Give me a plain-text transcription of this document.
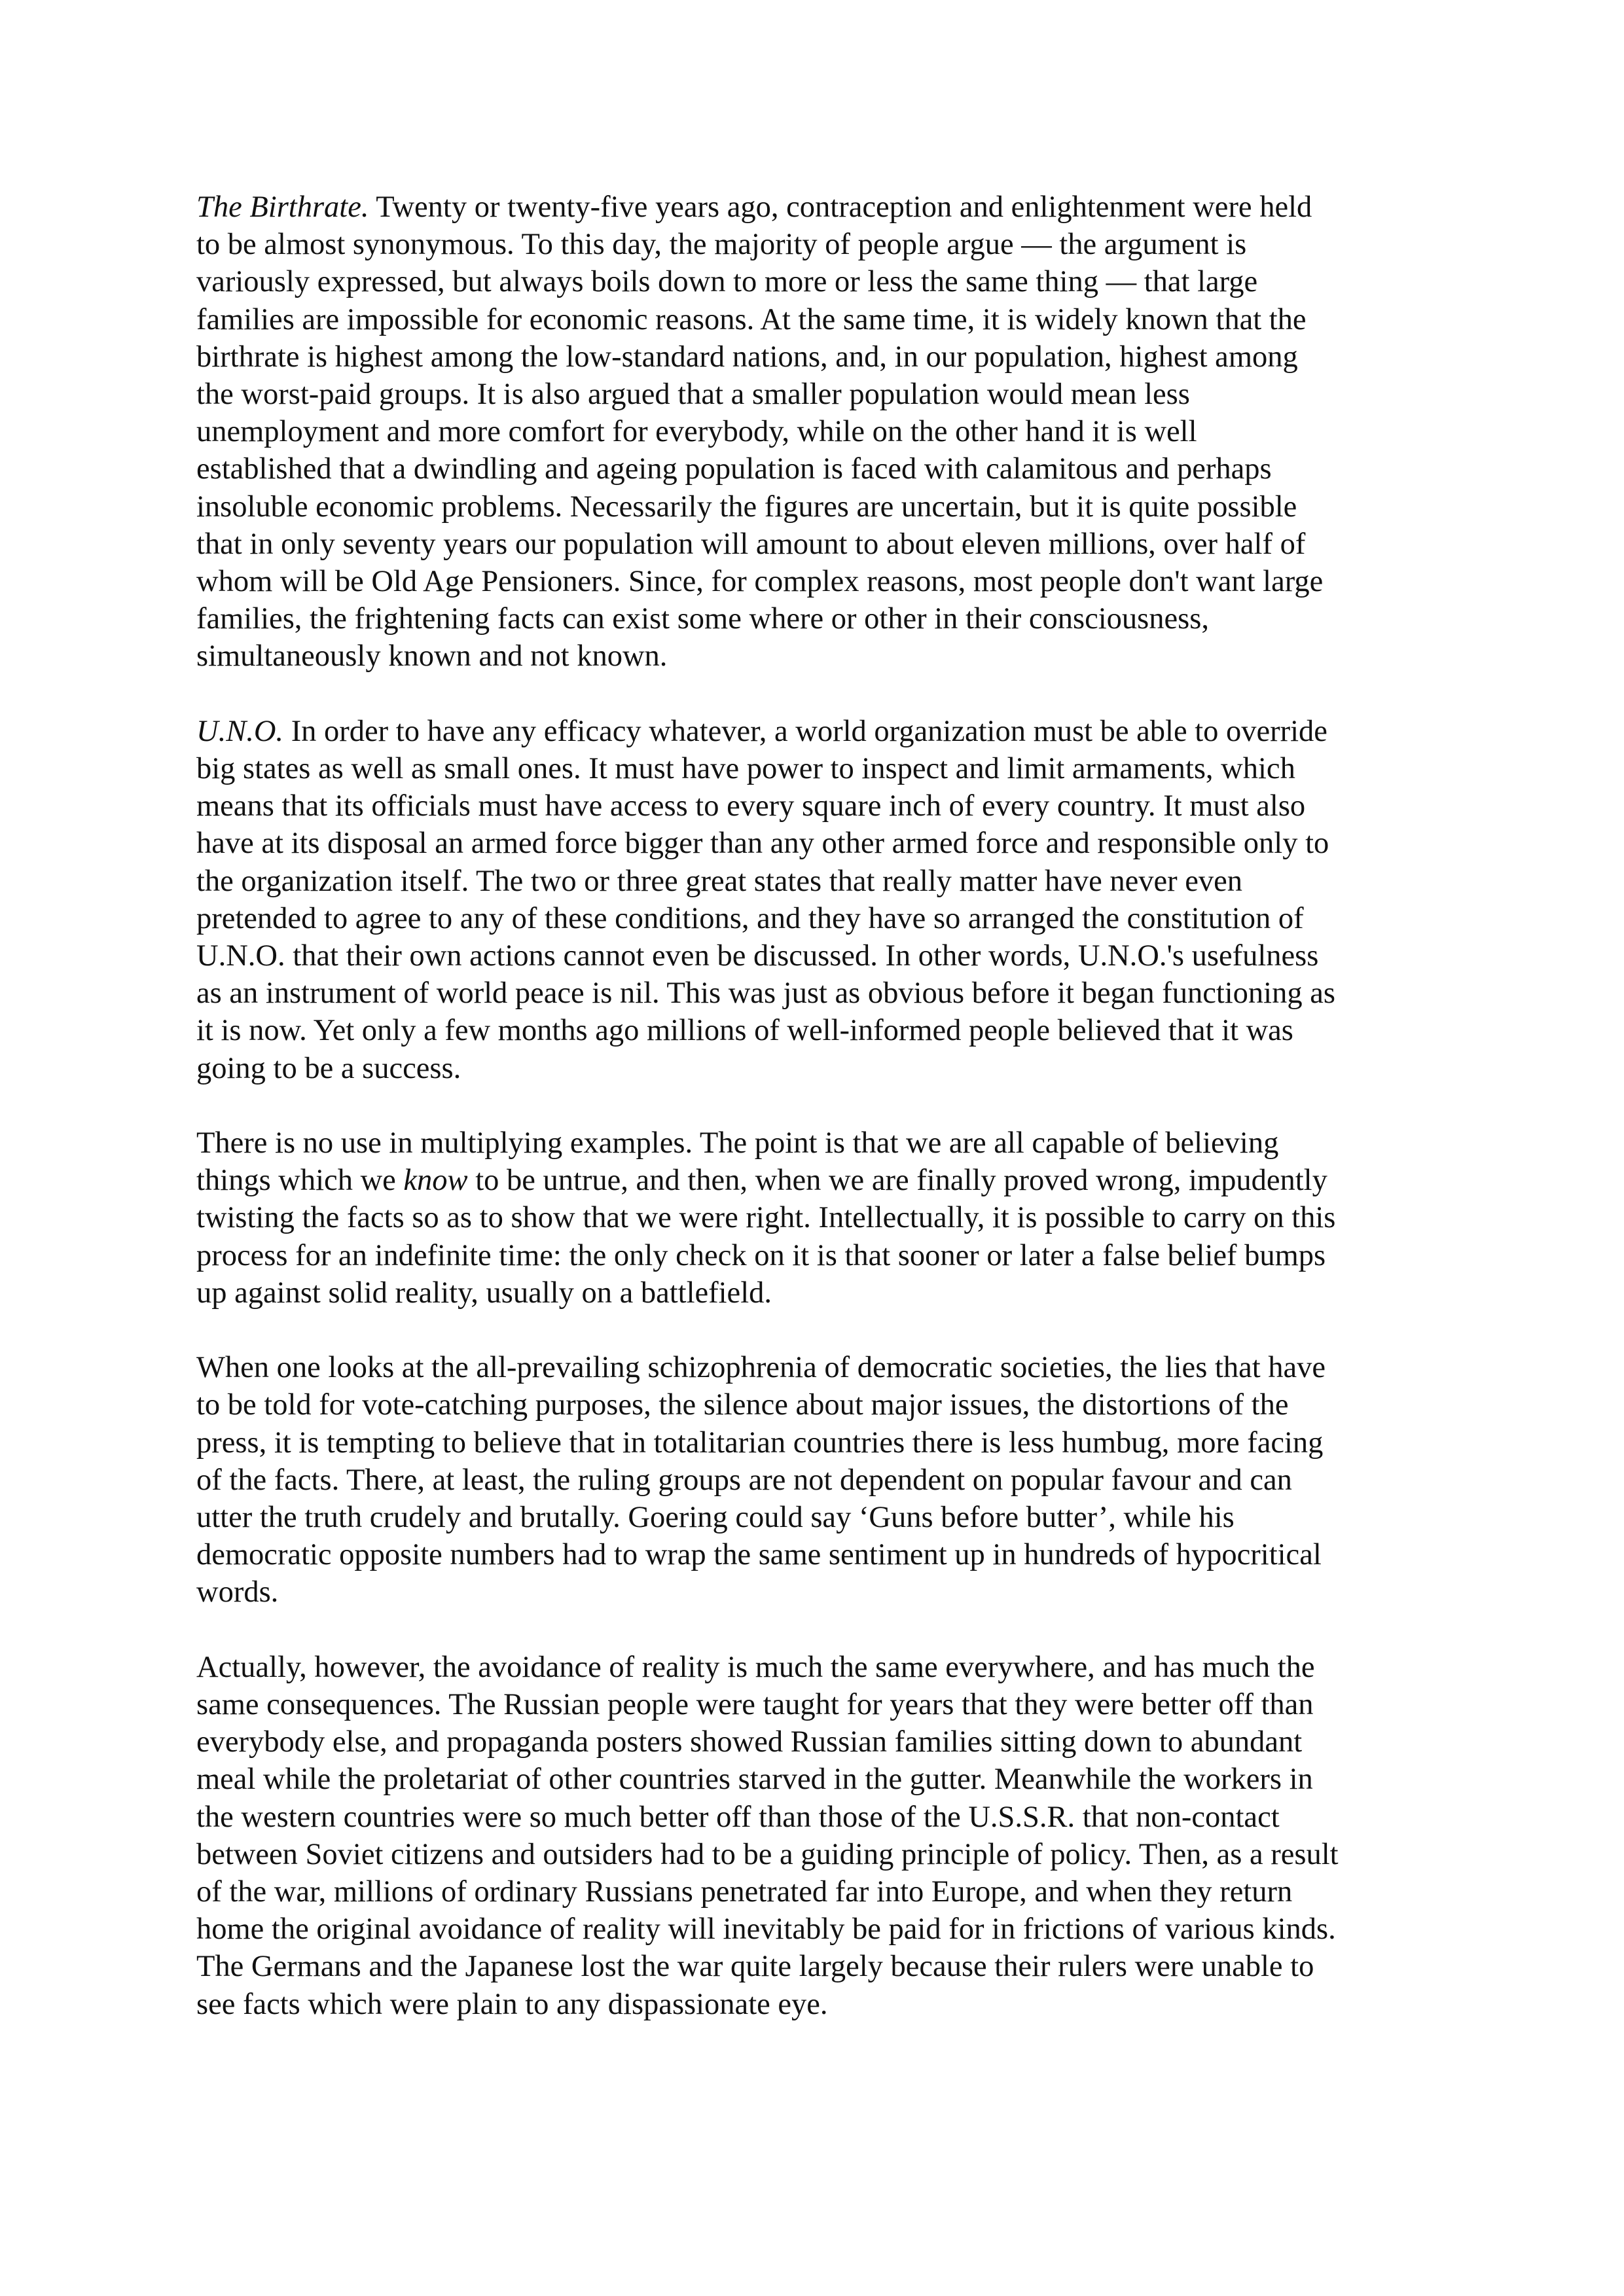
The Birthrate. Twenty or twenty-five years ago, contraception and enlightenment were held
to be almost synonymous. To this day, the majority of people argue — the argument is
variously expressed, but always boils down to more or less the same thing — that large
families are impossible for economic reasons. At the same time, it is widely known that the
birthrate is highest among the low-standard nations, and, in our population, highest among
the worst-paid groups. It is also argued that a smaller population would mean less
unemployment and more comfort for everybody, while on the other hand it is well
established that a dwindling and ageing population is faced with calamitous and perhaps
insoluble economic problems. Necessarily the figures are uncertain, but it is quite possible
that in only seventy years our population will amount to about eleven millions, over half of
whom will be Old Age Pensioners. Since, for complex reasons, most people don't want large
families, the frightening facts can exist some where or other in their consciousness,
simultaneously known and not known.

U.N.O. In order to have any efficacy whatever, a world organization must be able to override
big states as well as small ones. It must have power to inspect and limit armaments, which
means that its officials must have access to every square inch of every country. It must also
have at its disposal an armed force bigger than any other armed force and responsible only to
the organization itself. The two or three great states that really matter have never even
pretended to agree to any of these conditions, and they have so arranged the constitution of
U.N.O. that their own actions cannot even be discussed. In other words, U.N.O.'s usefulness
as an instrument of world peace is nil. This was just as obvious before it began functioning as
it is now. Yet only a few months ago millions of well-informed people believed that it was
going to be a success.

There is no use in multiplying examples. The point is that we are all capable of believing
things which we know to be untrue, and then, when we are finally proved wrong, impudently
twisting the facts so as to show that we were right. Intellectually, it is possible to carry on this
process for an indefinite time: the only check on it is that sooner or later a false belief bumps
up against solid reality, usually on a battlefield.

When one looks at the all-prevailing schizophrenia of democratic societies, the lies that have
to be told for vote-catching purposes, the silence about major issues, the distortions of the
press, it is tempting to believe that in totalitarian countries there is less humbug, more facing
of the facts. There, at least, the ruling groups are not dependent on popular favour and can
utter the truth crudely and brutally. Goering could say ‘Guns before butter’, while his
democratic opposite numbers had to wrap the same sentiment up in hundreds of hypocritical
words.

Actually, however, the avoidance of reality is much the same everywhere, and has much the
same consequences. The Russian people were taught for years that they were better off than
everybody else, and propaganda posters showed Russian families sitting down to abundant
meal while the proletariat of other countries starved in the gutter. Meanwhile the workers in
the western countries were so much better off than those of the U.S.S.R. that non-contact
between Soviet citizens and outsiders had to be a guiding principle of policy. Then, as a result
of the war, millions of ordinary Russians penetrated far into Europe, and when they return
home the original avoidance of reality will inevitably be paid for in frictions of various kinds.
The Germans and the Japanese lost the war quite largely because their rulers were unable to
see facts which were plain to any dispassionate eye.
